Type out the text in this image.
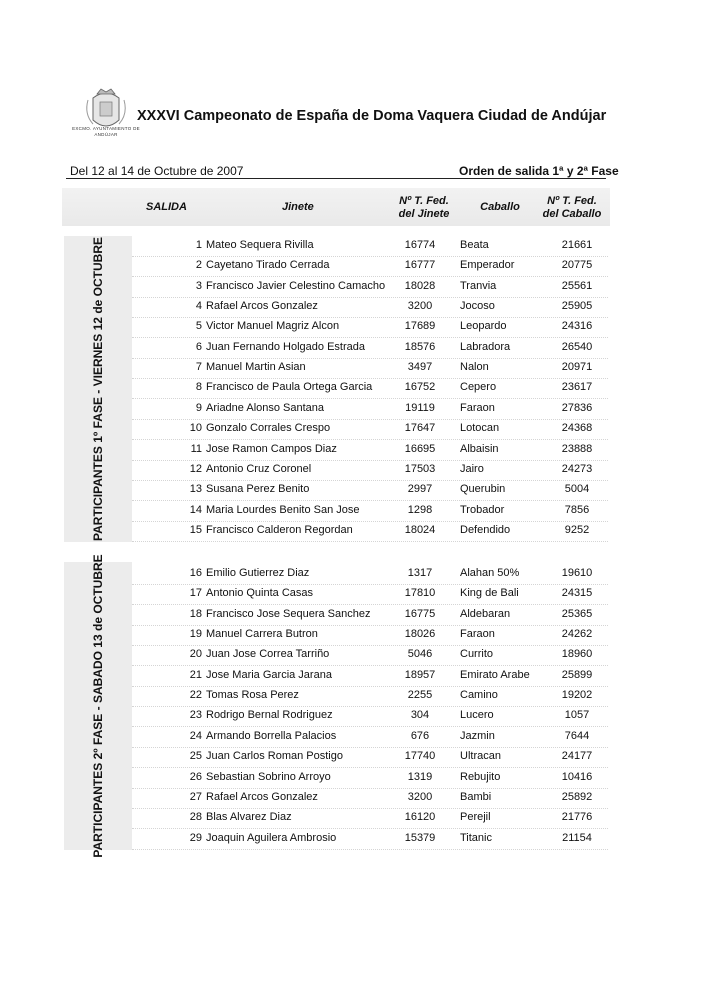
EXCMO. AYUNTAMIENTO DE ANDÚJAR
XXXVI Campeonato de España de Doma Vaquera Ciudad de Andújar
Del 12 al 14 de Octubre de 2007	Orden de salida 1ª y 2ª Fase
SALIDA	Jinete	Nº T. Fed.
del Jinete
Caballo	Nº T. Fed.
del Caballo
PARTICIPANTES 1º FASE - VIERNES 12 de OCTUBRE
PARTICIPANTES 2º FASE - SABADO 13 de OCTUBRE
1 Mateo Sequera Rivilla	16774	Beata	21661
2 Cayetano Tirado Cerrada	16777	Emperador	20775
3 Francisco Javier Celestino Camacho	18028	Tranvia	25561
4 Rafael Arcos Gonzalez	3200	Jocoso	25905
5 Victor Manuel Magriz Alcon	17689	Leopardo	24316
6 Juan Fernando Holgado Estrada	18576	Labradora	26540
7 Manuel Martin Asian	3497	Nalon	20971
8 Francisco de Paula Ortega Garcia	16752	Cepero	23617
9 Ariadne Alonso Santana	19119	Faraon	27836
10 Gonzalo Corrales Crespo	17647	Lotocan	24368
11 Jose Ramon Campos Diaz	16695	Albaisin	23888
12 Antonio Cruz Coronel	17503	Jairo	24273
13 Susana Perez Benito	2997	Querubin	5004
14 Maria Lourdes Benito San Jose	1298	Trobador	7856
15 Francisco Calderon Regordan	18024	Defendido	9252
16 Emilio Gutierrez Diaz	1317	Alahan 50%	19610
17 Antonio Quinta Casas	17810	King de Bali	24315
18 Francisco Jose Sequera Sanchez	16775	Aldebaran	25365
19 Manuel Carrera Butron	18026	Faraon	24262
20 Juan Jose Correa Tarriño	5046	Currito	18960
21 Jose Maria Garcia Jarana	18957	Emirato Arabe	25899
22 Tomas Rosa Perez	2255	Camino	19202
23 Rodrigo Bernal Rodriguez	304	Lucero	1057
24 Armando Borrella Palacios	676	Jazmin	7644
25 Juan Carlos Roman Postigo	17740	Ultracan	24177
26 Sebastian Sobrino Arroyo	1319	Rebujito	10416
27 Rafael Arcos Gonzalez	3200	Bambi	25892
28 Blas Alvarez Diaz	16120	Perejil	21776
29 Joaquin Aguilera Ambrosio	15379	Titanic	21154
